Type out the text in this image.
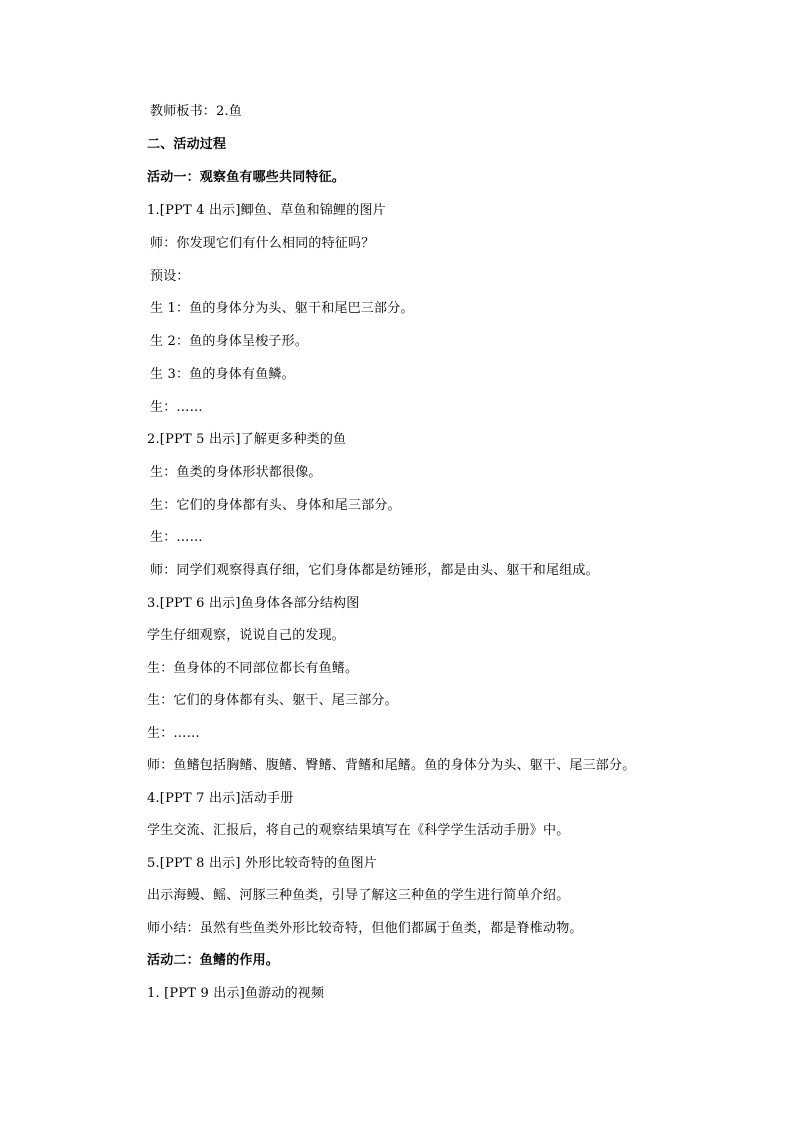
教师板书：2.鱼
二、活动过程
活动一：观察鱼有哪些共同特征。
1.[PPT 4 出示]鲫鱼、草鱼和锦鲤的图片
师：你发现它们有什么相同的特征吗？
预设：
生 1：鱼的身体分为头、躯干和尾巴三部分。
生 2：鱼的身体呈梭子形。
生 3：鱼的身体有鱼鳞。
生：……
2.[PPT 5 出示]了解更多种类的鱼
生：鱼类的身体形状都很像。
生：它们的身体都有头、身体和尾三部分。
生：……
师：同学们观察得真仔细，它们身体都是纺锤形，都是由头、躯干和尾组成。
3.[PPT 6 出示]鱼身体各部分结构图
学生仔细观察，说说自己的发现。
生：鱼身体的不同部位都长有鱼鳍。
生：它们的身体都有头、躯干、尾三部分。
生：……
师：鱼鳍包括胸鳍、腹鳍、臀鳍、背鳍和尾鳍。鱼的身体分为头、躯干、尾三部分。
4.[PPT 7 出示]活动手册
学生交流、汇报后，将自己的观察结果填写在《科学学生活动手册》中。
5.[PPT 8 出示] 外形比较奇特的鱼图片
出示海鳗、鳐、河豚三种鱼类，引导了解这三种鱼的学生进行简单介绍。
师小结：虽然有些鱼类外形比较奇特，但他们都属于鱼类，都是脊椎动物。
活动二：鱼鳍的作用。
1. [PPT 9 出示]鱼游动的视频
